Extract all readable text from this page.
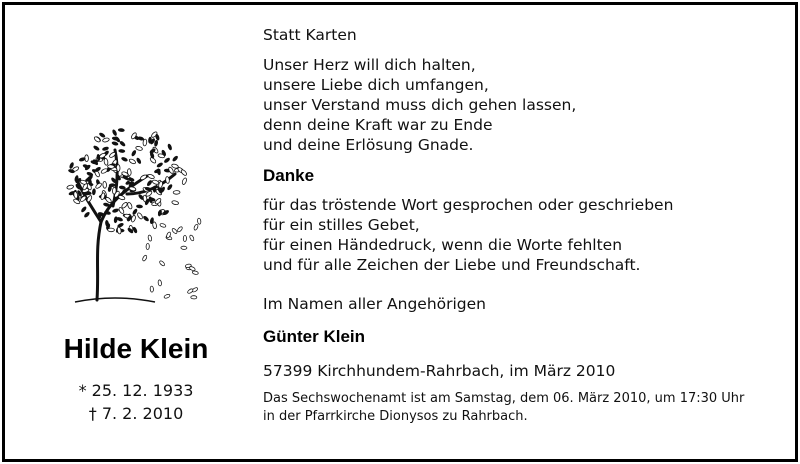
Hilde Klein
* 25. 12. 1933
† 7. 2. 2010
Statt Karten
Unser Herz will dich halten,
unsere Liebe dich umfangen,
unser Verstand muss dich gehen lassen,
denn deine Kraft war zu Ende
und deine Erlösung Gnade.
Danke
für das tröstende Wort gesprochen oder geschrieben
für ein stilles Gebet,
für einen Händedruck, wenn die Worte fehlten
und für alle Zeichen der Liebe und Freundschaft.
Im Namen aller Angehörigen
Günter Klein
57399 Kirchhundem-Rahrbach, im März 2010
Das Sechswochenamt ist am Samstag, dem 06. März 2010, um 17:30 Uhr
in der Pfarrkirche Dionysos zu Rahrbach.
